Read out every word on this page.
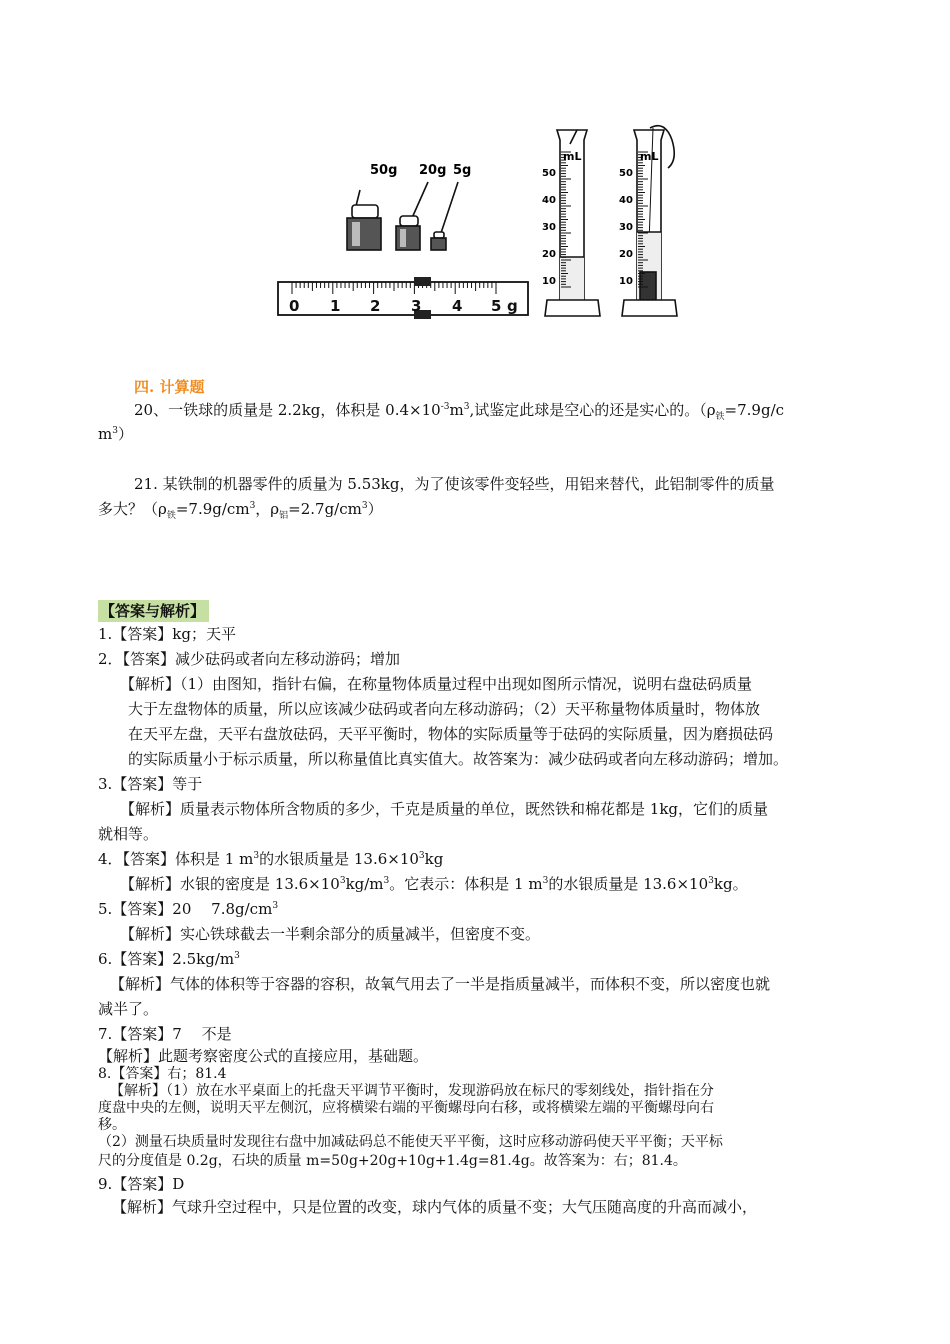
50g 20g 5g
0 1 2 3 4 5 g
mL
50
40
30
20
10
mL
50
40
30
20
10
四. 计算题
20、一铁球的质量是 2.2kg，体积是 $0.4\times 10^{-3}m^3$,试鉴定此球是空心的还是实心的。（$\rho_铁=7.9g/c$
$m^3$）
21. 某铁制的机器零件的质量为 5.53kg，为了使该零件变轻些，用铝来替代，此铝制零件的质量
多大？（$\rho_铁=7.9g/cm^3$，$\rho_铝=2.7g/cm^3$）
【答案与解析】
1.【答案】kg；天平
2．【答案】减少砝码或者向左移动游码；增加
【解析】（1）由图知，指针右偏，在称量物体质量过程中出现如图所示情况，说明右盘砝码质量
大于左盘物体的质量，所以应该减少砝码或者向左移动游码；（2）天平称量物体质量时，物体放
在天平左盘，天平右盘放砝码，天平平衡时，物体的实际质量等于砝码的实际质量，因为磨损砝码
的实际质量小于标示质量，所以称量值比真实值大。故答案为：减少砝码或者向左移动游码；增加。
3.【答案】等于
【解析】质量表示物体所含物质的多少，千克是质量的单位，既然铁和棉花都是 1kg，它们的质量
就相等。
4．【答案】体积是 1 $m^3$的水银质量是 $13.6\times 10^3kg$
【解析】水银的密度是 $13.6\times 10^3kg/m^3$。它表示：体积是 1 $m^3$的水银质量是 $13.6\times 10^3kg$。
5.【答案】20　 $7.8g/cm^3$
【解析】实心铁球截去一半剩余部分的质量减半，但密度不变。
6.【答案】$2.5kg/m^3$
【解析】气体的体积等于容器的容积，故氧气用去了一半是指质量减半，而体积不变，所以密度也就
减半了。
7.【答案】7　 不是
【解析】此题考察密度公式的直接应用，基础题。
8.【答案】右；81.4
【解析】（1）放在水平桌面上的托盘天平调节平衡时，发现游码放在标尺的零刻线处，指针指在分
度盘中央的左侧，说明天平左侧沉，应将横梁右端的平衡螺母向右移，或将横梁左端的平衡螺母向右
移。
（2）测量石块质量时发现往右盘中加减砝码总不能使天平平衡，这时应移动游码使天平平衡；天平标
尺的分度值是 0.2g，石块的质量 m=50g+20g+10g+1.4g=81.4g。故答案为：右；81.4。
9.【答案】D
【解析】气球升空过程中，只是位置的改变，球内气体的质量不变；大气压随高度的升高而减小，
